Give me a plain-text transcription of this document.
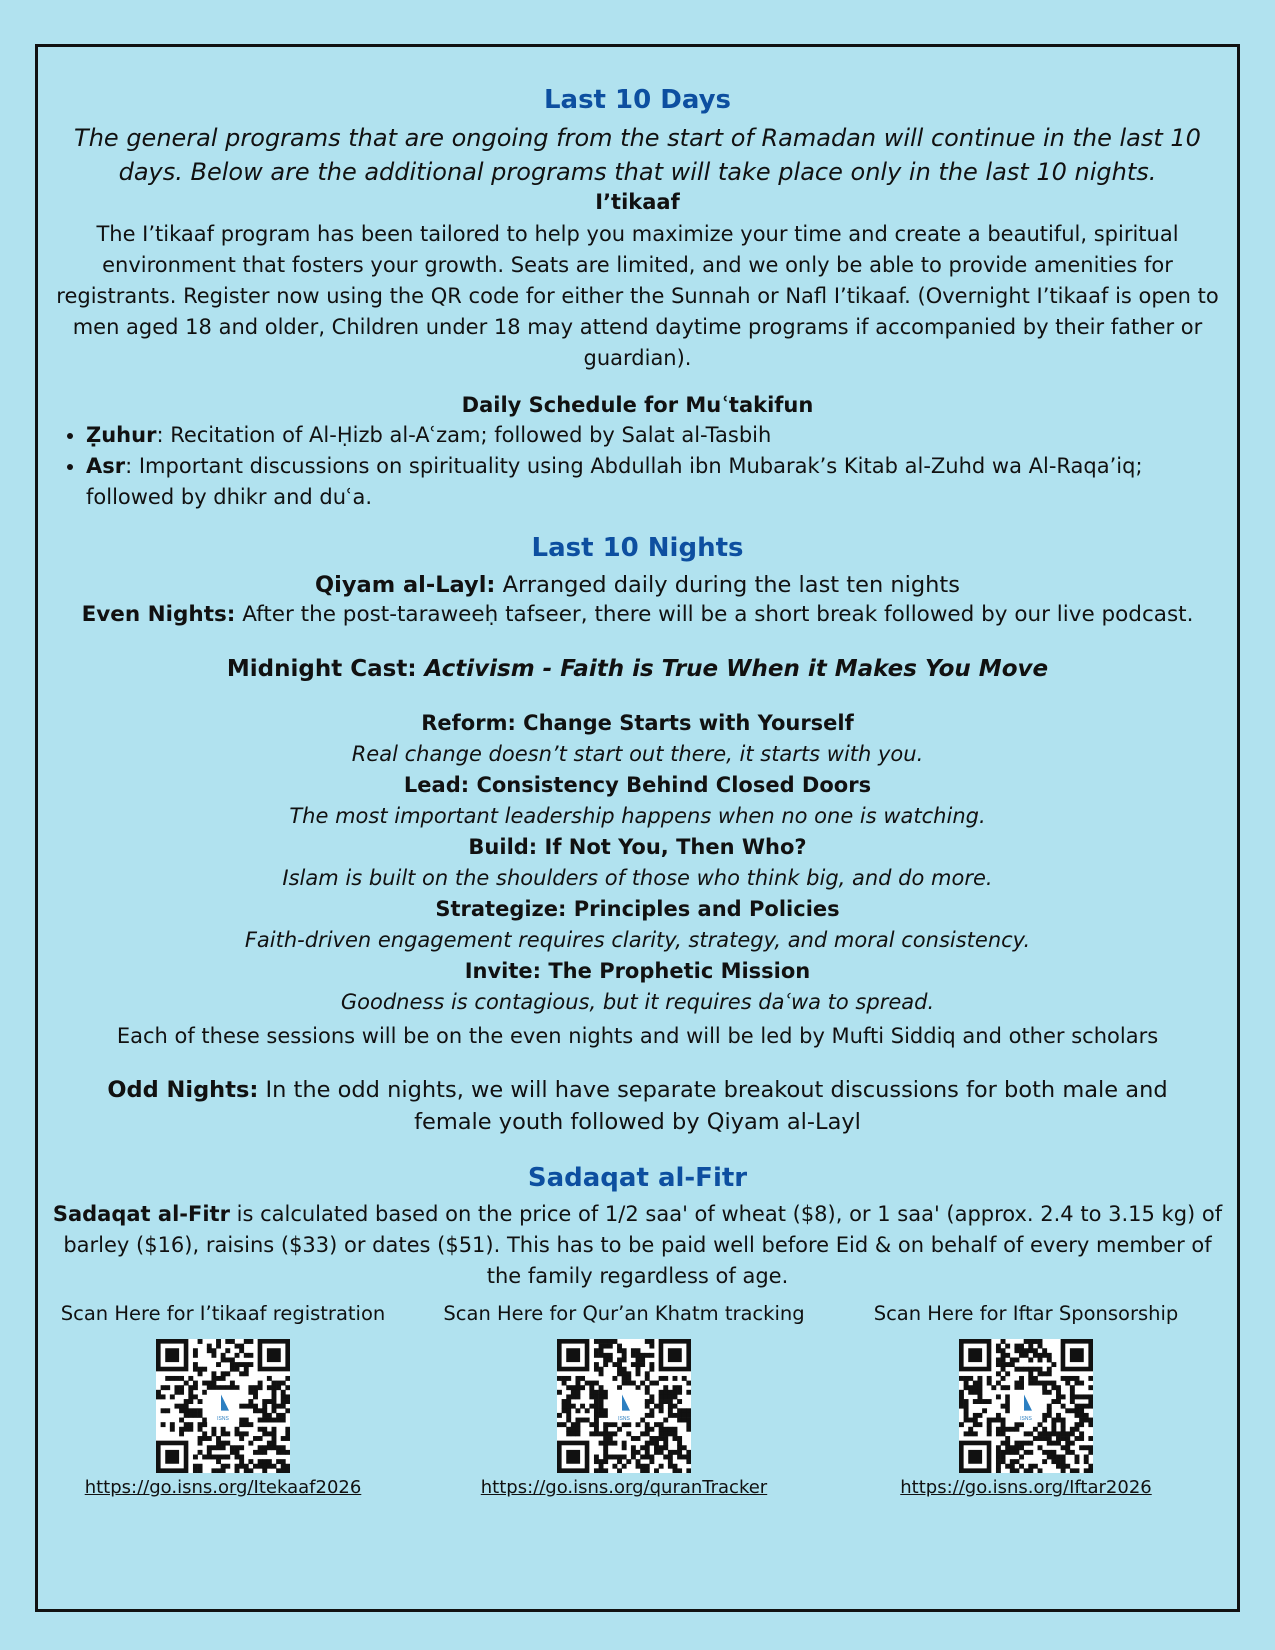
Last 10 Days
The general programs that are ongoing from the start of Ramadan will continue in the last 10 days. Below are the additional programs that will take place only in the last 10 nights.
I’tikaaf
The I’tikaaf program has been tailored to help you maximize your time and create a beautiful, spiritual environment that fosters your growth. Seats are limited, and we only be able to provide amenities for registrants. Register now using the QR code for either the Sunnah or Nafl I’tikaaf. (Overnight I’tikaaf is open to men aged 18 and older, Children under 18 may attend daytime programs if accompanied by their father or guardian).
Daily Schedule for Muʿtakifun
• Ẓuhur: Recitation of Al-Ḥizb al-Aʿzam; followed by Salat al-Tasbih
• Asr: Important discussions on spirituality using Abdullah ibn Mubarak’s Kitab al-Zuhd wa Al-Raqa’iq; followed by dhikr and duʿa.
Last 10 Nights
Qiyam al-Layl: Arranged daily during the last ten nights
Even Nights: After the post-taraweeḥ tafseer, there will be a short break followed by our live podcast.
Midnight Cast: Activism - Faith is True When it Makes You Move
Reform: Change Starts with Yourself
Real change doesn’t start out there, it starts with you.
Lead: Consistency Behind Closed Doors
The most important leadership happens when no one is watching.
Build: If Not You, Then Who?
Islam is built on the shoulders of those who think big, and do more.
Strategize: Principles and Policies
Faith-driven engagement requires clarity, strategy, and moral consistency.
Invite: The Prophetic Mission
Goodness is contagious, but it requires daʿwa to spread.
Each of these sessions will be on the even nights and will be led by Mufti Siddiq and other scholars
Odd Nights: In the odd nights, we will have separate breakout discussions for both male and female youth followed by Qiyam al-Layl
Sadaqat al-Fitr
Sadaqat al-Fitr is calculated based on the price of 1/2 saa' of wheat ($8), or 1 saa' (approx. 2.4 to 3.15 kg) of barley ($16), raisins ($33) or dates ($51). This has to be paid well before Eid & on behalf of every member of the family regardless of age.
Scan Here for I’tikaaf registration
ISNS
https://go.isns.org/Itekaaf2026
Scan Here for Qur’an Khatm tracking
ISNS
https://go.isns.org/quranTracker
Scan Here for Iftar Sponsorship
ISNS
https://go.isns.org/Iftar2026
